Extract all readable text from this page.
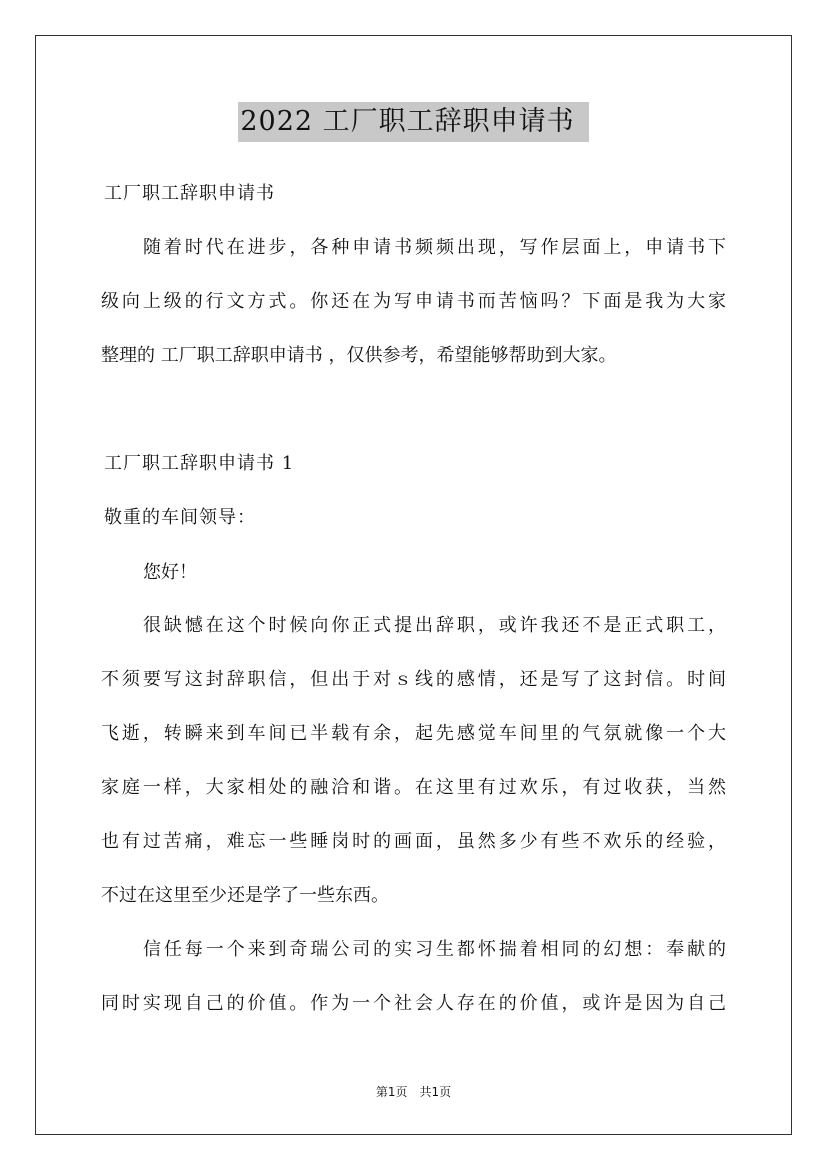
2022 工厂职工辞职申请书
工厂职工辞职申请书
随着时代在进步，各种申请书频频出现，写作层面上，申请书下
级向上级的行文方式。你还在为写申请书而苦恼吗？下面是我为大家
整理的 工厂职工辞职申请书 ，仅供参考，希望能够帮助到大家。
工厂职工辞职申请书 1
敬重的车间领导：
您好！
很缺憾在这个时候向你正式提出辞职，或许我还不是正式职工，
不须要写这封辞职信，但出于对ｓ线的感情，还是写了这封信。时间
飞逝，转瞬来到车间已半载有余，起先感觉车间里的气氛就像一个大
家庭一样，大家相处的融洽和谐。在这里有过欢乐，有过收获，当然
也有过苦痛，难忘一些睡岗时的画面，虽然多少有些不欢乐的经验，
不过在这里至少还是学了一些东西。
信任每一个来到奇瑞公司的实习生都怀揣着相同的幻想：奉献的
同时实现自己的价值。作为一个社会人存在的价值，或许是因为自己
第1页　共1页
